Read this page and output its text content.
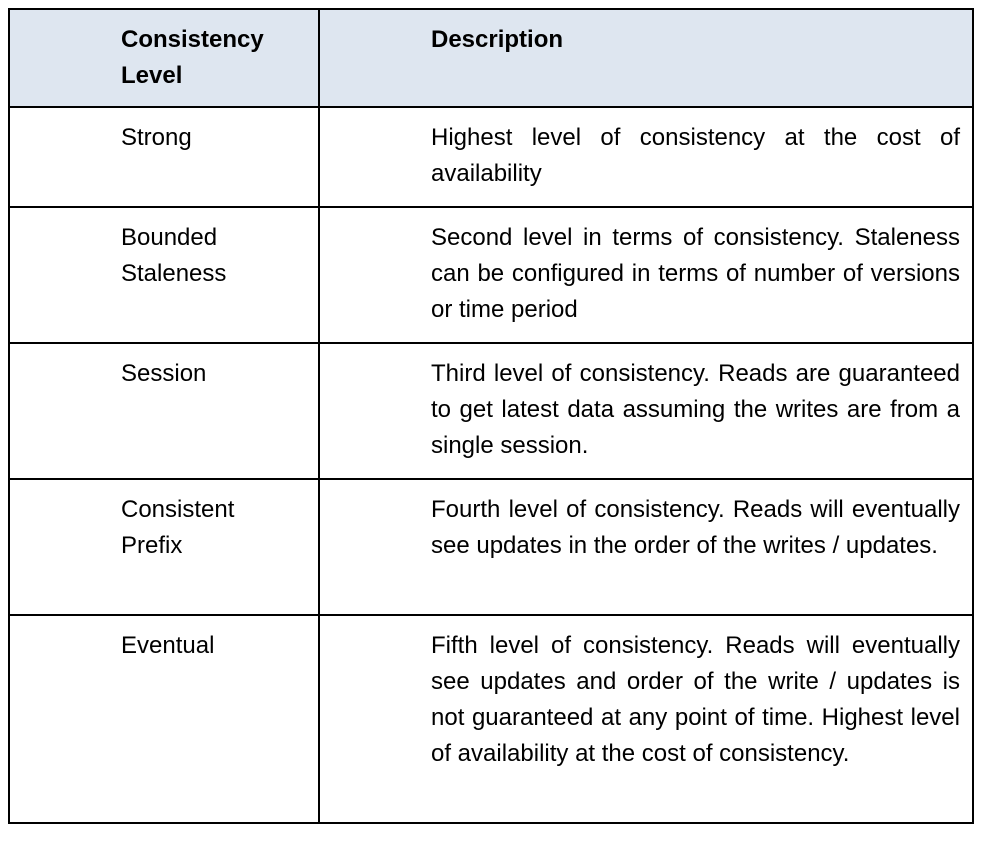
Consistency Level	Description
Strong	Highest level of consistency at the cost of availability
Bounded Staleness	Second level in terms of consistency. Staleness can be configured in terms of number of versions or time period
Session	Third level of consistency. Reads are guaranteed to get latest data assuming the writes are from a single session.
Consistent Prefix	Fourth level of consistency. Reads will eventually see updates in the order of the writes / updates.
Eventual	Fifth level of consistency. Reads will eventually see updates and order of the write / updates is not guaranteed at any point of time. Highest level of availability at the cost of consistency.
